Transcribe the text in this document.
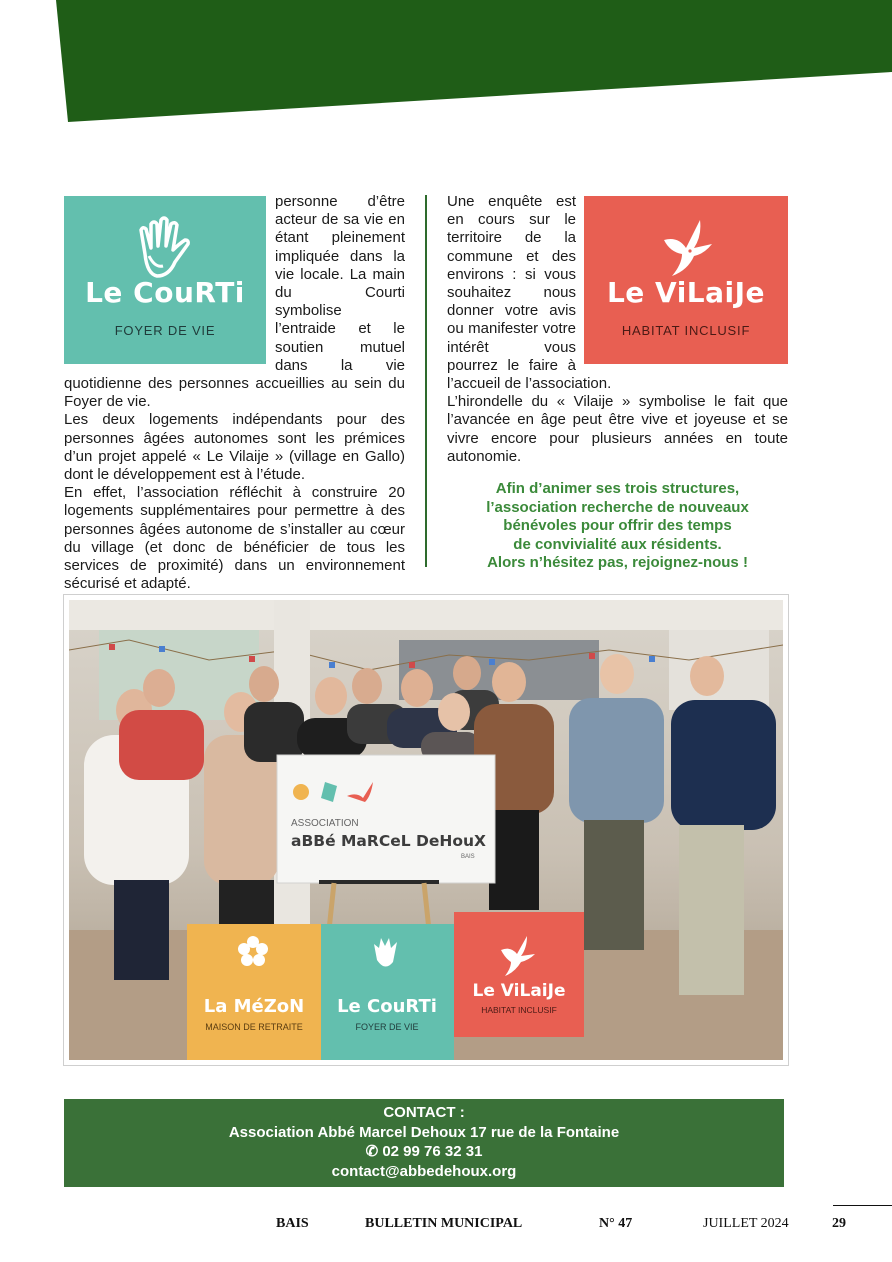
Le CouRTi
FOYER DE VIE

personne d’être acteur de sa vie en étant pleinement impliquée dans la vie locale. La main du Courti symbolise l’entraide et le soutien mutuel dans la vie quotidienne des personnes accueillies au sein du Foyer de vie.

Les deux logements indépendants pour des personnes âgées autonomes sont les prémices d’un projet appelé « Le Vilaije » (village en Gallo) dont le développement est à l’étude.

En effet, l’association réfléchit à construire 20 logements supplémentaires pour permettre à des personnes âgées autonome de s’installer au cœur du village (et donc de bénéficier de tous les services de proximité) dans un environnement sécurisé et adapté.

Le ViLaiJe
HABITAT INCLUSIF

Une enquête est en cours sur le territoire de la commune et des environs : si vous souhaitez nous donner votre avis ou manifester votre intérêt vous pourrez le faire à l’accueil de l’association.

L’hirondelle du « Vilaije » symbolise le fait que l’avancée en âge peut être vive et joyeuse et se vivre encore pour plusieurs années en toute autonomie.

Afin d’animer ses trois structures,
l’association recherche de nouveaux
bénévoles pour offrir des temps
de convivialité aux résidents.
Alors n’hésitez pas, rejoignez-nous !
ASSOCIATION
aBBé MaRCeL DeHouX
BAIS
La MéZoN
MAISON DE RETRAITE
Le CouRTi
FOYER DE VIE
Le ViLaiJe
HABITAT INCLUSIF
CONTACT :
Association Abbé Marcel Dehoux 17 rue de la Fontaine
✆ 02 99 76 32 31
contact@abbedehoux.org
BAIS	BULLETIN MUNICIPAL	N° 47	JUILLET 2024	29
